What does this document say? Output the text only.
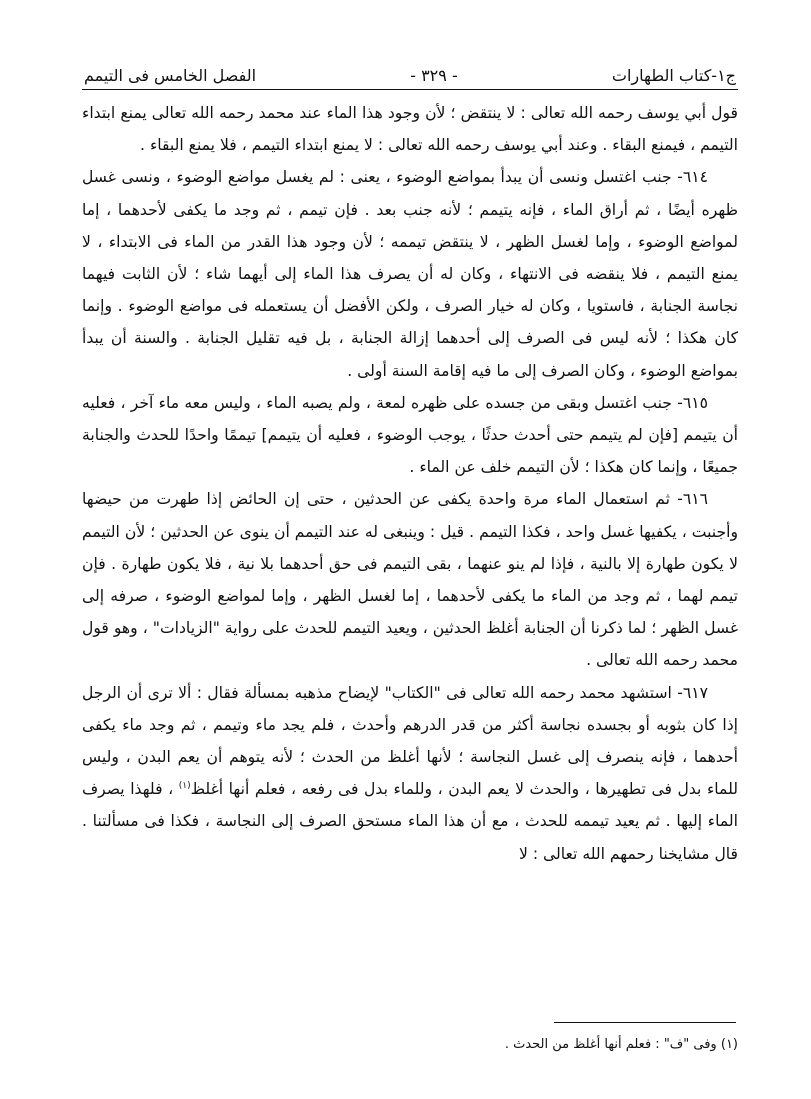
ج١-كتاب الطهارات
- ٣٢٩ -
الفصل الخامس فى التيمم

قول أبي يوسف رحمه الله تعالى : لا ينتقض ؛ لأن وجود هذا الماء عند محمد رحمه الله تعالى يمنع ابتداء التيمم ، فيمنع البقاء . وعند أبي يوسف رحمه الله تعالى : لا يمنع ابتداء التيمم ، فلا يمنع البقاء .

٦١٤- جنب اغتسل ونسى أن يبدأ بمواضع الوضوء ، يعنى : لم يغسل مواضع الوضوء ، ونسى غسل ظهره أيضًا ، ثم أراق الماء ، فإنه يتيمم ؛ لأنه جنب بعد . فإن تيمم ، ثم وجد ما يكفى لأحدهما ، إما لمواضع الوضوء ، وإما لغسل الظهر ، لا ينتقض تيممه ؛ لأن وجود هذا القدر من الماء فى الابتداء ، لا يمنع التيمم ، فلا ينقضه فى الانتهاء ، وكان له أن يصرف هذا الماء إلى أيهما شاء ؛ لأن الثابت فيهما نجاسة الجنابة ، فاستويا ، وكان له خيار الصرف ، ولكن الأفضل أن يستعمله فى مواضع الوضوء . وإنما كان هكذا ؛ لأنه ليس فى الصرف إلى أحدهما إزالة الجنابة ، بل فيه تقليل الجنابة . والسنة أن يبدأ بمواضع الوضوء ، وكان الصرف إلى ما فيه إقامة السنة أولى .

٦١٥- جنب اغتسل وبقى من جسده على ظهره لمعة ، ولم يصبه الماء ، وليس معه ماء آخر ، فعليه أن يتيمم [فإن لم يتيمم حتى أحدث حدثًا ، يوجب الوضوء ، فعليه أن يتيمم] تيممًا واحدًا للحدث والجنابة جميعًا ، وإنما كان هكذا ؛ لأن التيمم خلف عن الماء .

٦١٦- ثم استعمال الماء مرة واحدة يكفى عن الحدثين ، حتى إن الحائض إذا طهرت من حيضها وأجنبت ، يكفيها غسل واحد ، فكذا التيمم . قيل : وينبغى له عند التيمم أن ينوى عن الحدثين ؛ لأن التيمم لا يكون طهارة إلا بالنية ، فإذا لم ينو عنهما ، بقى التيمم فى حق أحدهما بلا نية ، فلا يكون طهارة . فإن تيمم لهما ، ثم وجد من الماء ما يكفى لأحدهما ، إما لغسل الظهر ، وإما لمواضع الوضوء ، صرفه إلى غسل الظهر ؛ لما ذكرنا أن الجنابة أغلظ الحدثين ، ويعيد التيمم للحدث على رواية "الزيادات" ، وهو قول محمد رحمه الله تعالى .

٦١٧- استشهد محمد رحمه الله تعالى فى "الكتاب" لإيضاح مذهبه بمسألة فقال : ألا ترى أن الرجل إذا كان بثوبه أو بجسده نجاسة أكثر من قدر الدرهم وأحدث ، فلم يجد ماء وتيمم ، ثم وجد ماء يكفى أحدهما ، فإنه ينصرف إلى غسل النجاسة ؛ لأنها أغلظ من الحدث ؛ لأنه يتوهم أن يعم البدن ، وليس للماء بدل فى تطهيرها ، والحدث لا يعم البدن ، وللماء بدل فى رفعه ، فعلم أنها أغلظ$^{(١)}$ ، فلهذا يصرف الماء إليها . ثم يعيد تيممه للحدث ، مع أن هذا الماء مستحق الصرف إلى النجاسة ، فكذا فى مسألتنا . قال مشايخنا رحمهم الله تعالى : لا

(١) وفى "ف" : فعلم أنها أغلظ من الحدث .
